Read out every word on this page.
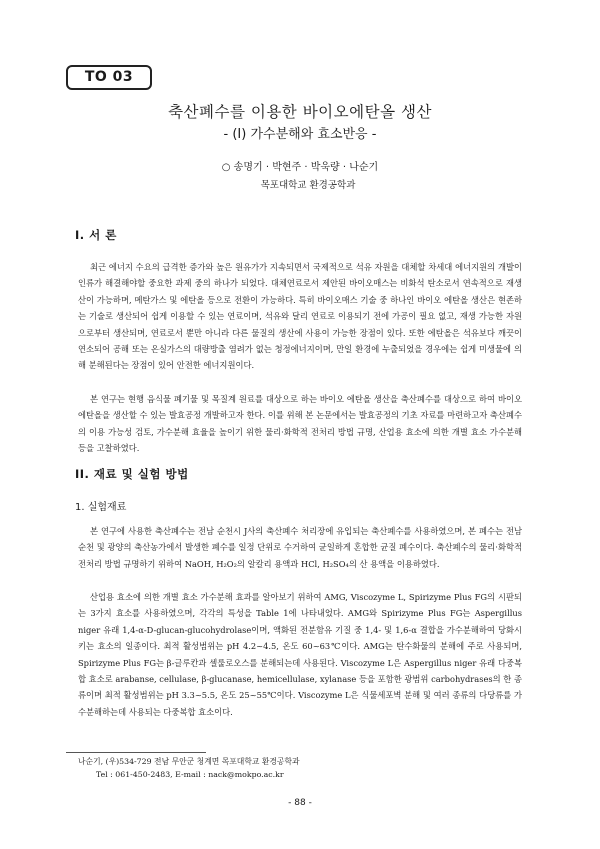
TO 03
축산폐수를 이용한 바이오에탄올 생산
- (I) 가수분해와 효소반응 -
○ 송명기 · 박현주 · 박욱량 · 나순기
목포대학교 환경공학과
I. 서 론

최근 에너지 수요의 급격한 증가와 높은 원유가가 지속되면서 국제적으로 석유 자원을 대체할 차세대 에너지원의 개발이 인류가 해결해야할 중요한 과제 중의 하나가 되었다. 대체연료로서 제안된 바이오매스는 비화석 탄소로서 연속적으로 재생산이 가능하며, 메탄가스 및 에탄올 등으로 전환이 가능하다. 특히 바이오매스 기술 중 하나인 바이오 에탄올 생산은 현존하는 기술로 생산되어 쉽게 이용할 수 있는 연료이며, 석유와 달리 연료로 이용되기 전에 가공이 필요 없고, 재생 가능한 자원으로부터 생산되며, 연료로서 뿐만 아니라 다른 물질의 생산에 사용이 가능한 장점이 있다. 또한 에탄올은 석유보다 깨끗이 연소되어 공해 또는 온실가스의 대량방출 염려가 없는 청정에너지이며, 만일 환경에 누출되었을 경우에는 쉽게 미생물에 의해 분해된다는 장점이 있어 안전한 에너지원이다.

본 연구는 현행 음식물 폐기물 및 목질계 원료를 대상으로 하는 바이오 에탄올 생산을 축산폐수를 대상으로 하여 바이오에탄올을 생산할 수 있는 발효공정 개발하고자 한다. 이를 위해 본 논문에서는 발효공정의 기초 자료를 마련하고자 축산폐수의 이용 가능성 검토, 가수분해 효율을 높이기 위한 물리·화학적 전처리 방법 규명, 산업용 효소에 의한 개별 효소 가수분해 등을 고찰하였다.

II. 재료 및 실험 방법
1. 실험재료

본 연구에 사용한 축산폐수는 전남 순천시 J사의 축산폐수 처리장에 유입되는 축산폐수를 사용하였으며, 본 폐수는 전남 순천 및 광양의 축산농가에서 발생한 폐수를 일정 단위로 수거하여 균일하게 혼합한 균질 폐수이다. 축산폐수의 물리·화학적 전처리 방법 규명하기 위하여 NaOH, H₂O₂의 알칼리 용액과 HCl, H₂SO₄의 산 용액을 이용하였다.

산업용 효소에 의한 개별 효소 가수분해 효과를 알아보기 위하여 AMG, Viscozyme L, Spirizyme Plus FG의 시판되는 3가지 효소를 사용하였으며, 각각의 특성을 Table 1에 나타내었다. AMG와 Spirizyme Plus FG는 Aspergillus niger 유래 1,4-α-D-glucan-glucohydrolase이며, 액화된 전분함유 기질 중 1,4- 및 1,6-α 결합을 가수분해하여 당화시키는 효소의 일종이다. 최적 활성범위는 pH 4.2~4.5, 온도 60~63℃이다. AMG는 탄수화물의 분해에 주로 사용되며, Spirizyme Plus FG는 β-글루칸과 셀룰로오스를 분해되는데 사용된다. Viscozyme L은 Aspergillus niger 유래 다중복합 효소로 arabanse, cellulase, β-glucanase, hemicellulase, xylanase 등을 포함한 광범위 carbohydrases의 한 종류이며 최적 활성범위는 pH 3.3~5.5, 온도 25~55℃이다. Viscozyme L은 식물세포벽 분해 및 여러 종류의 다당류를 가수분해하는데 사용되는 다중복합 효소이다.

나순기, (우)534-729 전남 무안군 청계면 목포대학교 환경공학과
Tel : 061-450-2483, E-mail : nack@mokpo.ac.kr
- 88 -
